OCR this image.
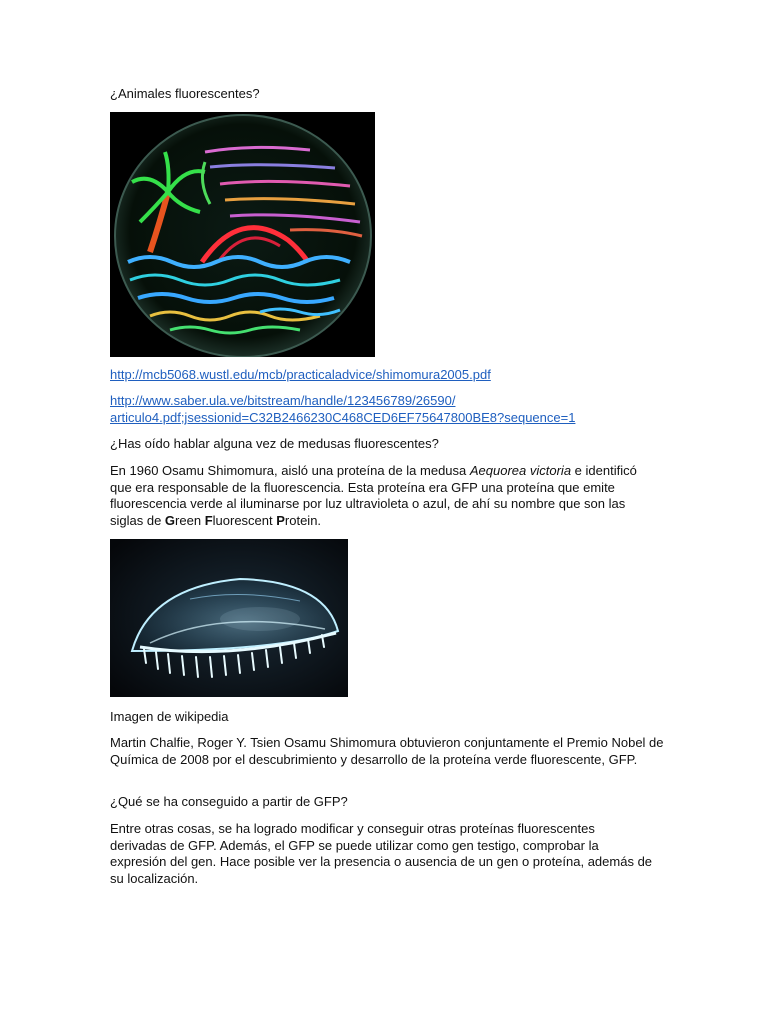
¿Animales fluorescentes?

http://mcb5068.wustl.edu/mcb/practicaladvice/shimomura2005.pdf

http://www.saber.ula.ve/bitstream/handle/123456789/26590/
articulo4.pdf;jsessionid=C32B2466230C468CED6EF75647800BE8?sequence=1

¿Has oído hablar alguna vez de medusas fluorescentes?

En 1960 Osamu Shimomura, aisló una proteína de la medusa Aequorea victoria e identificó que era responsable de la fluorescencia. Esta proteína era GFP una proteína que emite fluorescencia verde al iluminarse por luz ultravioleta o azul, de ahí su nombre que son las siglas de Green Fluorescent Protein.

Imagen de wikipedia

Martin Chalfie, Roger Y. Tsien Osamu Shimomura obtuvieron conjuntamente el Premio Nobel de Química de 2008 por el descubrimiento y desarrollo de la proteína verde fluorescente, GFP.

¿Qué se ha conseguido a partir de GFP?

Entre otras cosas, se ha logrado modificar y conseguir otras proteínas fluorescentes derivadas de GFP. Además, el GFP se puede utilizar como gen testigo, comprobar la expresión del gen. Hace posible ver la presencia o ausencia de un gen o proteína, además de su localización.
